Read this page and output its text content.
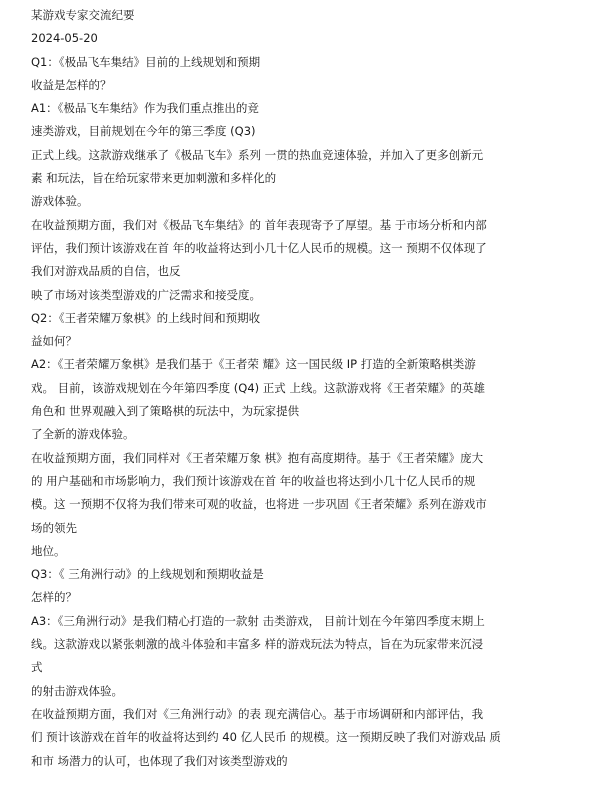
某游戏专家交流纪要
2024-05-20
Q1：《极品飞车集结》目前的上线规划和预期
收益是怎样的？
A1：《极品飞车集结》作为我们重点推出的竞
速类游戏，目前规划在今年的第三季度 (Q3)
正式上线。这款游戏继承了《极品飞车》系列 一贯的热血竞速体验，并加入了更多创新元
素 和玩法，旨在给玩家带来更加刺激和多样化的
游戏体验。
在收益预期方面，我们对《极品飞车集结》的 首年表现寄予了厚望。基 于市场分析和内部
评估，我们预计该游戏在首 年的收益将达到小几十亿人民币的规模。这一 预期不仅体现了
我们对游戏品质的自信，也反
映了市场对该类型游戏的广泛需求和接受度。
Q2：《王者荣耀万象棋》的上线时间和预期收
益如何？
A2：《王者荣耀万象棋》是我们基于《王者荣 耀》这一国民级 IP 打造的全新策略棋类游
戏。 目前，该游戏规划在今年第四季度 (Q4) 正式 上线。这款游戏将《王者荣耀》的英雄
角色和 世界观融入到了策略棋的玩法中，为玩家提供
了全新的游戏体验。
在收益预期方面，我们同样对《王者荣耀万象 棋》抱有高度期待。基于《王者荣耀》庞大
的 用户基础和市场影响力，我们预计该游戏在首 年的收益也将达到小几十亿人民币的规
模。这 一预期不仅将为我们带来可观的收益，也将进 一步巩固《王者荣耀》系列在游戏市
场的领先
地位。
Q3：《 三角洲行动》的上线规划和预期收益是
怎样的？
A3：《三角洲行动》是我们精心打造的一款射 击类游戏， 目前计划在今年第四季度末期上
线。这款游戏以紧张刺激的战斗体验和丰富多 样的游戏玩法为特点，旨在为玩家带来沉浸
式
的射击游戏体验。
在收益预期方面，我们对《三角洲行动》的表 现充满信心。基于市场调研和内部评估，我
们 预计该游戏在首年的收益将达到约 40 亿人民币 的规模。这一预期反映了我们对游戏品 质
和市 场潜力的认可，也体现了我们对该类型游戏的
